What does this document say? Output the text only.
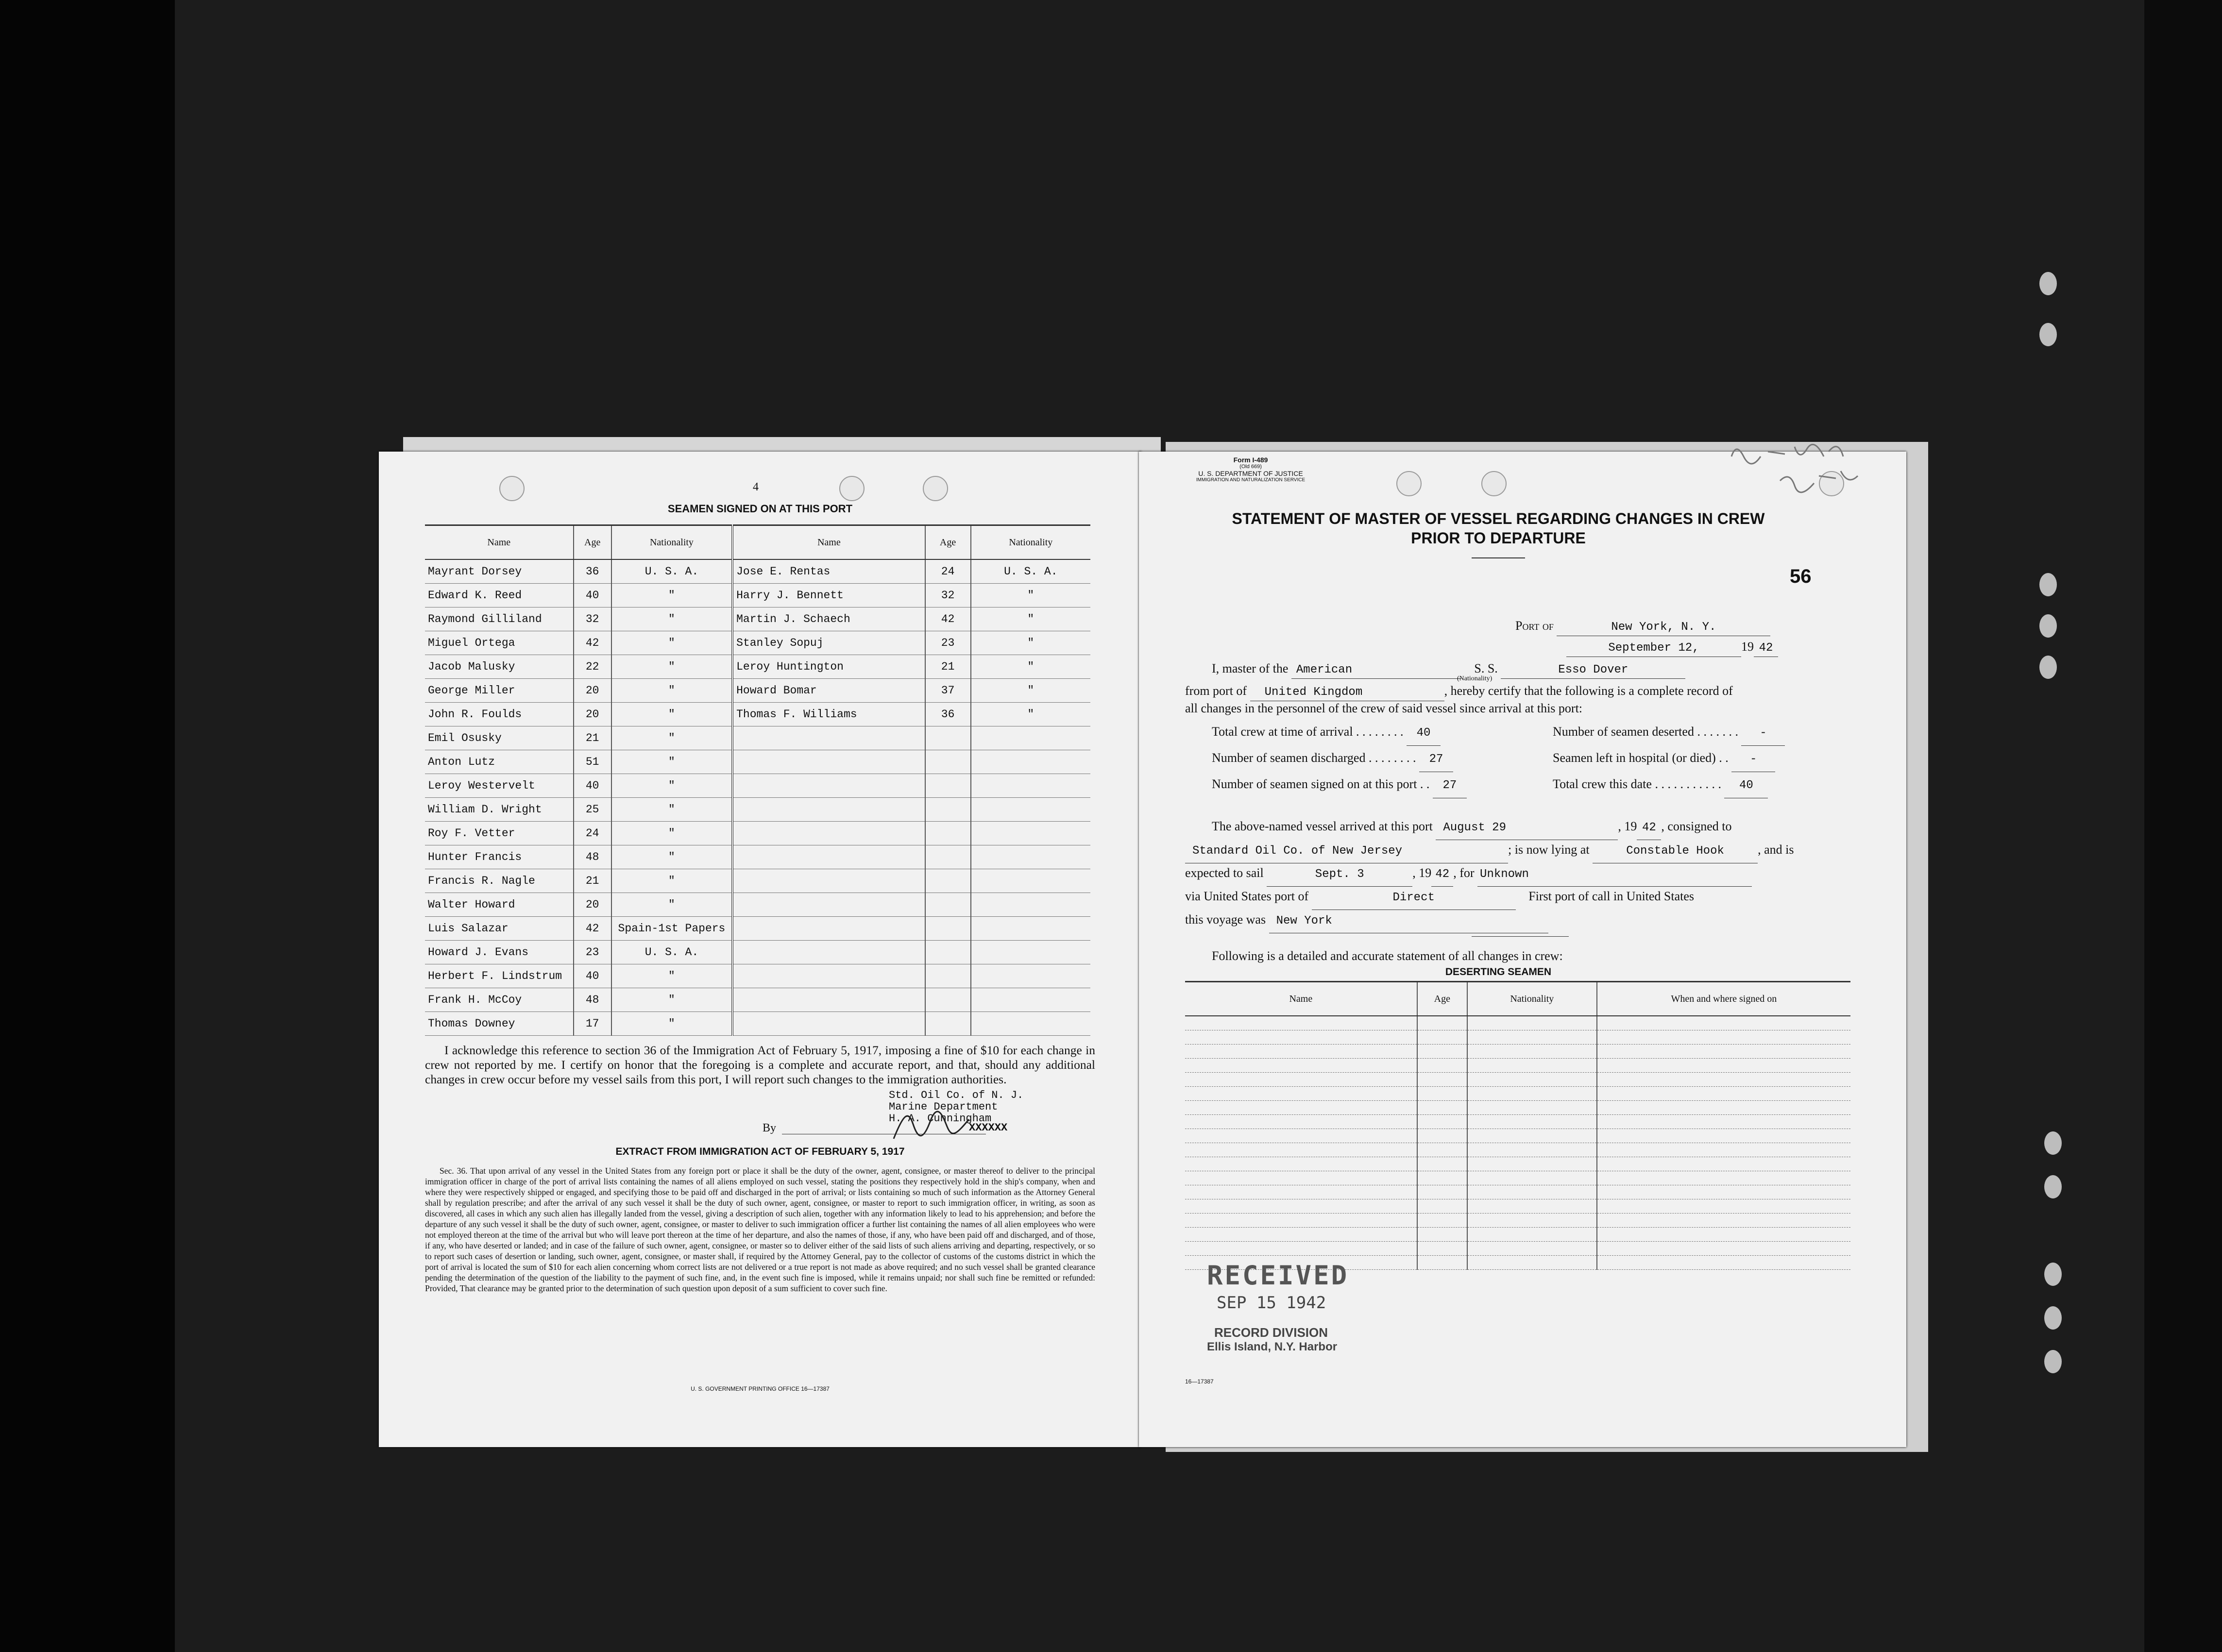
4
SEAMEN SIGNED ON AT THIS PORT
Name	Age	Nationality	Name	Age	Nationality
Mayrant Dorsey	36	U. S. A.	Jose E. Rentas	24	U. S. A.
Edward K. Reed	40	"	Harry J. Bennett	32	"
Raymond Gilliland	32	"	Martin J. Schaech	42	"
Miguel Ortega	42	"	Stanley Sopuj	23	"
Jacob Malusky	22	"	Leroy Huntington	21	"
George Miller	20	"	Howard Bomar	37	"
John R. Foulds	20	"	Thomas F. Williams	36	"
Emil Osusky	21	"			
Anton Lutz	51	"			
Leroy Westervelt	40	"			
William D. Wright	25	"			
Roy F. Vetter	24	"			
Hunter Francis	48	"			
Francis R. Nagle	21	"			
Walter Howard	20	"			
Luis Salazar	42	Spain-1st Papers			
Howard J. Evans	23	U. S. A.			
Herbert F. Lindstrum	40	"			
Frank H. McCoy	48	"			
Thomas Downey	17	"			
I acknowledge this reference to section 36 of the Immigration Act of February 5, 1917, imposing a fine of $10 for each change in crew not reported by me. I certify on honor that the foregoing is a complete and accurate report, and that, should any additional changes in crew occur before my vessel sails from this port, I will report such changes to the immigration authorities.
Std. Oil Co. of N. J.
Marine Department
H. A. Cunningham
By	XXXXXX
EXTRACT FROM IMMIGRATION ACT OF FEBRUARY 5, 1917
Sec. 36. That upon arrival of any vessel in the United States from any foreign port or place it shall be the duty of the owner, agent, consignee, or master thereof to deliver to the principal immigration officer in charge of the port of arrival lists containing the names of all aliens employed on such vessel, stating the positions they respectively hold in the ship's company, when and where they were respectively shipped or engaged, and specifying those to be paid off and discharged in the port of arrival; or lists containing so much of such information as the Attorney General shall by regulation prescribe; and after the arrival of any such vessel it shall be the duty of such owner, agent, consignee, or master to report to such immigration officer, in writing, as soon as discovered, all cases in which any such alien has illegally landed from the vessel, giving a description of such alien, together with any information likely to lead to his apprehension; and before the departure of any such vessel it shall be the duty of such owner, agent, consignee, or master to deliver to such immigration officer a further list containing the names of all alien employees who were not employed thereon at the time of the arrival but who will leave port thereon at the time of her departure, and also the names of those, if any, who have been paid off and discharged, and of those, if any, who have deserted or landed; and in case of the failure of such owner, agent, consignee, or master so to deliver either of the said lists of such aliens arriving and departing, respectively, or so to report such cases of desertion or landing, such owner, agent, consignee, or master shall, if required by the Attorney General, pay to the collector of customs of the customs district in which the port of arrival is located the sum of $10 for each alien concerning whom correct lists are not delivered or a true report is not made as above required; and no such vessel shall be granted clearance pending the determination of the question of the liability to the payment of such fine, and, in the event such fine is imposed, while it remains unpaid; nor shall such fine be remitted or refunded: Provided, That clearance may be granted prior to the determination of such question upon deposit of a sum sufficient to cover such fine.
U. S. GOVERNMENT PRINTING OFFICE 16—17387
Form I-489
(Old 669)
U. S. DEPARTMENT OF JUSTICE
IMMIGRATION AND NATURALIZATION SERVICE
STATEMENT OF MASTER OF VESSEL REGARDING CHANGES IN CREW
PRIOR TO DEPARTURE
56
Port of	New York, N. Y.
September 12,	19 42
I, master of the American	S. S.	Esso Dover
(Nationality)
from port of United Kingdom	, hereby certify that the following is a complete record of
all changes in the personnel of the crew of said vessel since arrival at this port:
Total crew at time of arrival . . . . . . . . 40
Number of seamen discharged . . . . . . . . 27
Number of seamen signed on at this port . . 27
Number of seamen deserted . . . . . . . -
Seamen left in hospital (or died) . . -
Total crew this date . . . . . . . . . . . 40
The above-named vessel arrived at this port August 29	, 19 42 , consigned to
Standard Oil Co. of New Jersey	; is now lying at	Constable Hook	, and is
expected to sail	Sept. 3	, 19 42 , for Unknown
via United States port of	Direct	First port of call in United States
this voyage was New York
Following is a detailed and accurate statement of all changes in crew:
DESERTING SEAMEN
Name	Age	Nationality	When and where signed on

RECEIVED
SEP 15 1942
RECORD DIVISION
Ellis Island, N.Y. Harbor
16—17387
